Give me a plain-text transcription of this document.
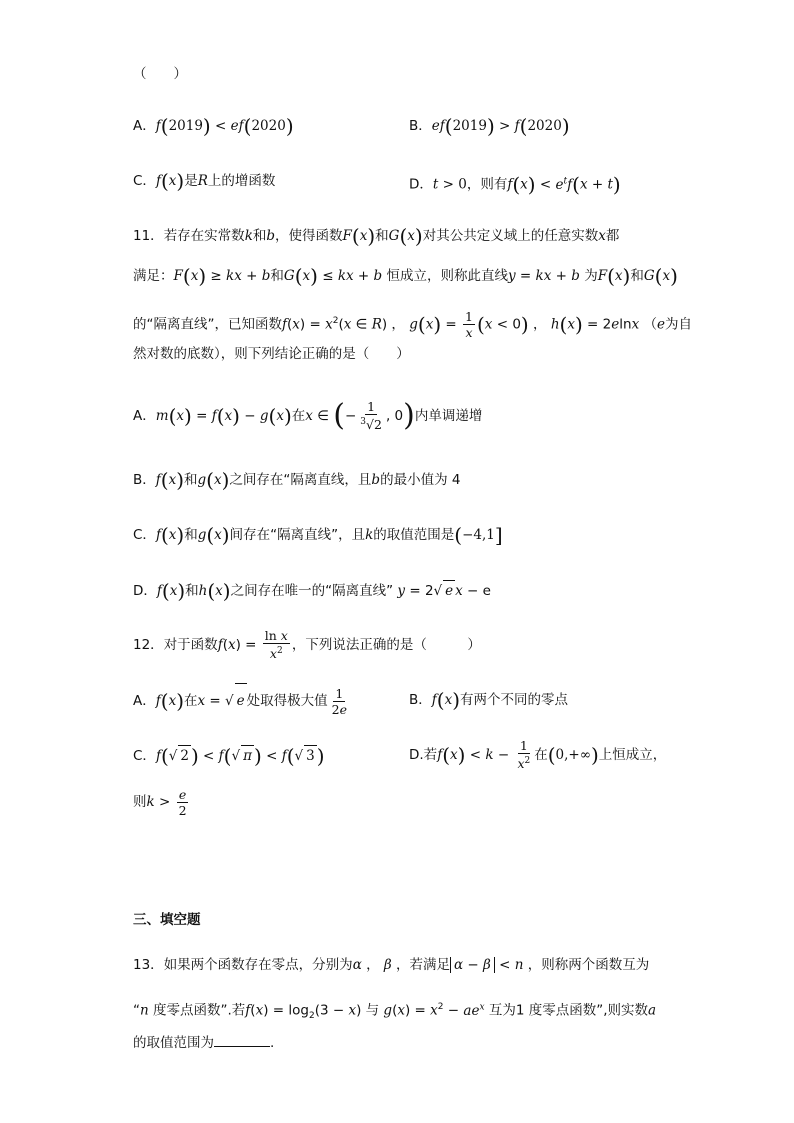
（　　）
A．f(2019) < ef(2020)	B．ef(2019) > f(2020)
C．f(x)是R上的增函数	D．t > 0，则有$f(x) < e^tf(x + t)$
11．若存在实常数k和b，使得函数F(x)和G(x)对其公共定义域上的任意实数x都
满足：F(x) ≥ kx + b和G(x) ≤ kx + b 恒成立，则称此直线y = kx + b 为F(x)和G(x)
的“隔离直线”，已知函数$f(x) = x^2(x$ ∈ R) ， $g(x) = \frac{1}{x} (x < 0)$ ， h(x) = 2elnx （e为自
然对数的底数），则下列结论正确的是（　　）
A．m(x) = f(x) − g(x)在x ∈ (− $\frac{1}{^3√2}$ , 0)内单调递增
B．f(x)和g(x)之间存在“隔离直线，且b的最小值为 4
C．f(x)和g(x)间存在“隔离直线”，且k的取值范围是(−4,1]
D．f(x)和h(x)之间存在唯一的“隔离直线” y = 2√ e x − e
12．对于函数$f(x) = \frac{\text{ln x}}{x^2}$ ，下列说法正确的是（　　　）
A．f(x)在x = √ e 处取得极大值 $\frac{1}{2e}$	B．f(x)有两个不同的零点
C．f(√ 2 ) < f(√ π ) < f(√ 3 )	D.若$f(x) < k - \frac{1}{x^2}$ 在(0,+∞)上恒成立，
则$k > \frac{e}{2}$
三、填空题
13．如果两个函数存在零点，分别为α ， β ，若满足 α − β < n ，则称两个函数互为
“n 度零点函数”.若$f(x) = \log_2(3 - x)$ 与 $g(x) = x^2 - ae^x$ 互为1 度零点函数”,则实数a
的取值范围为	.
